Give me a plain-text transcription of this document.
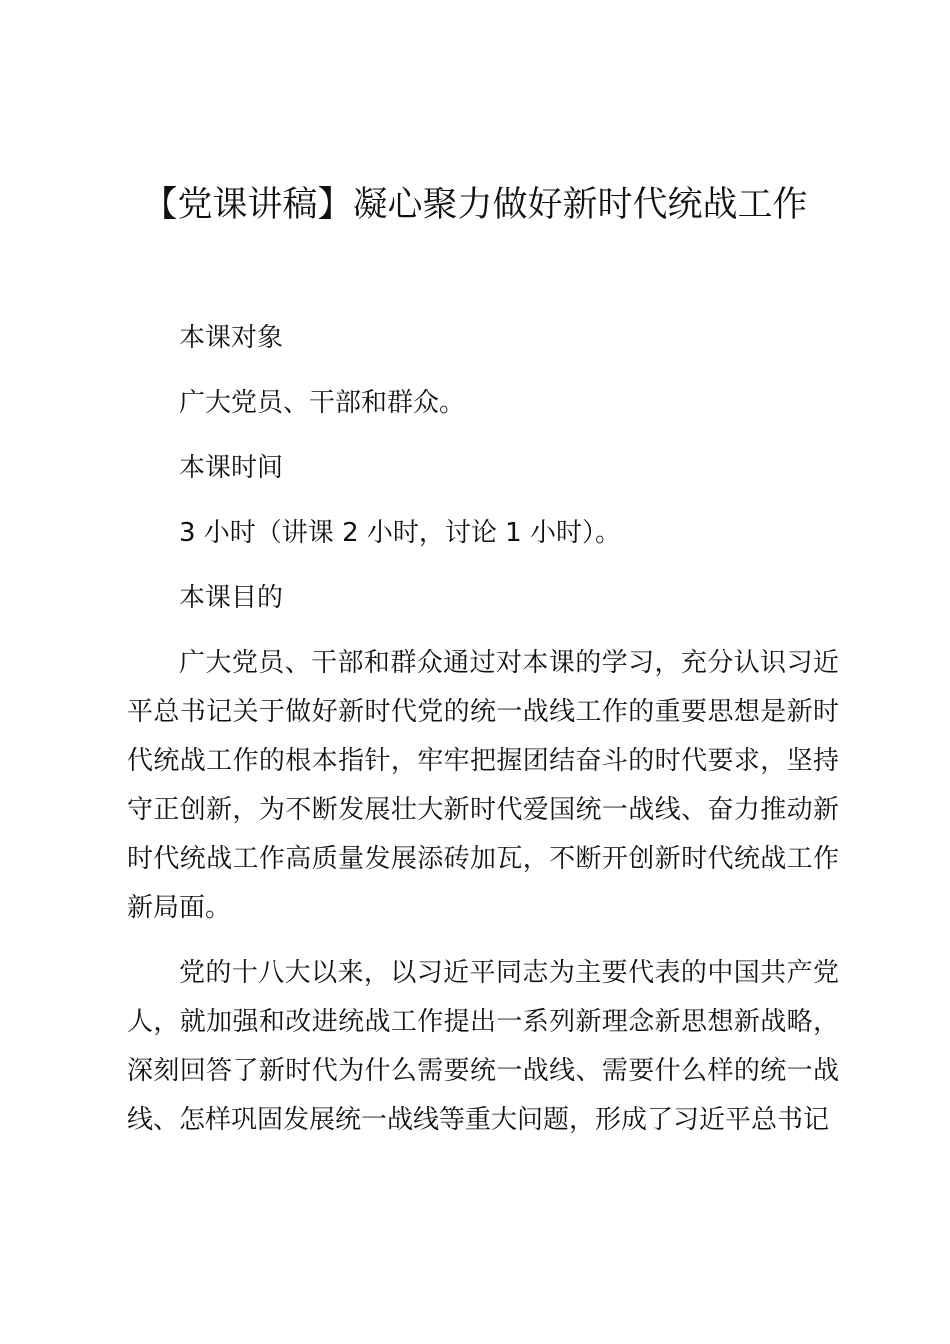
【党课讲稿】凝心聚力做好新时代统战工作

本课对象

广大党员、干部和群众。

本课时间

3 小时（讲课 2 小时，讨论 1 小时）。

本课目的

广大党员、干部和群众通过对本课的学习，充分认识习近平总书记关于做好新时代党的统一战线工作的重要思想是新时代统战工作的根本指针，牢牢把握团结奋斗的时代要求，坚持守正创新，为不断发展壮大新时代爱国统一战线、奋力推动新时代统战工作高质量发展添砖加瓦，不断开创新时代统战工作新局面。

党的十八大以来，以习近平同志为主要代表的中国共产党人，就加强和改进统战工作提出一系列新理念新思想新战略，深刻回答了新时代为什么需要统一战线、需要什么样的统一战线、怎样巩固发展统一战线等重大问题，形成了习近平总书记
